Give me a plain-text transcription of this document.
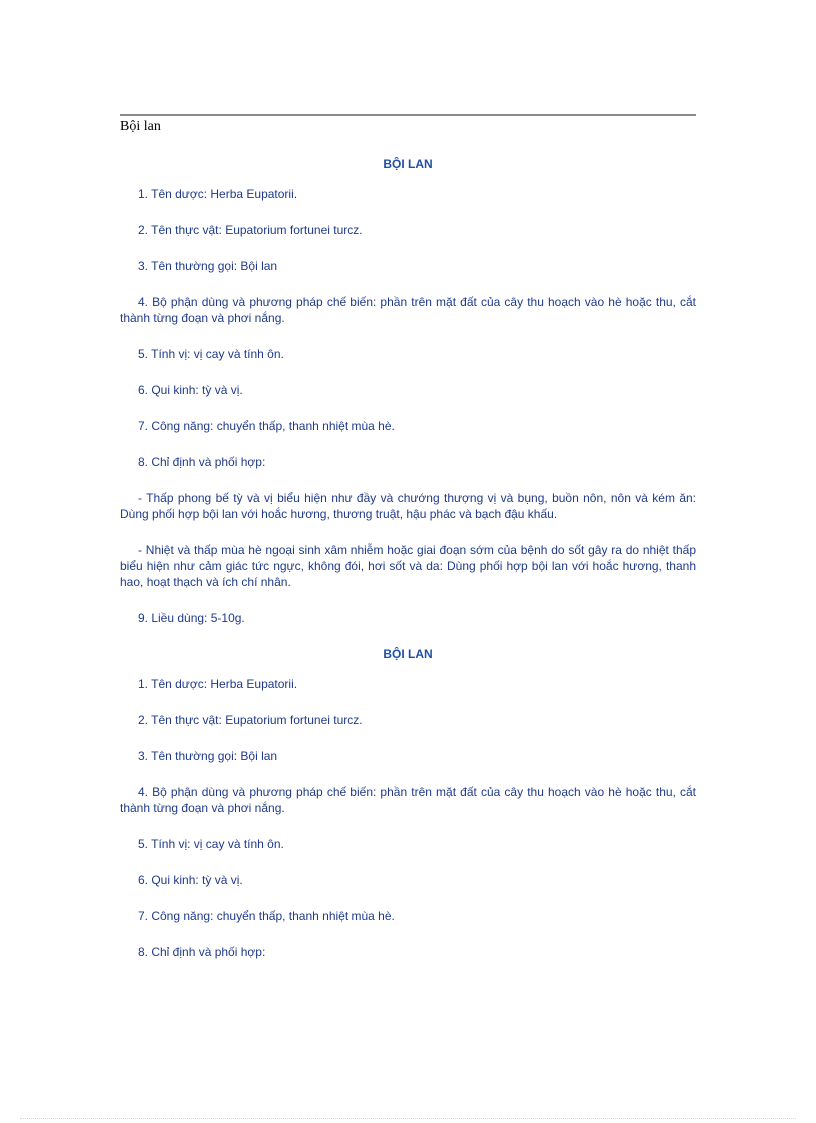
Bội lan
BỘI LAN

1. Tên dược: Herba Eupatorii.

2. Tên thực vật: Eupatorium fortunei turcz.

3. Tên thường gọi: Bội lan

4. Bộ phận dùng và phương pháp chế biến: phần trên mặt đất của cây thu hoạch vào hè hoặc thu, cắt thành từng đoạn và phơi nắng.

5. Tính vị: vị cay và tính ôn.

6. Qui kinh: tỳ và vị.

7. Công năng: chuyển thấp, thanh nhiệt mùa hè.

8. Chỉ định và phối hợp:

- Thấp phong bế tỳ và vị biểu hiện như đầy và chướng thượng vị và bụng, buồn nôn, nôn và kém ăn: Dùng phối hợp bội lan với hoắc hương, thương truật, hậu phác và bạch đậu khấu.

- Nhiệt và thấp mùa hè ngoại sinh xâm nhiễm hoặc giai đoạn sớm của bệnh do sốt gây ra do nhiệt thấp biểu hiện như cảm giác tức ngực, không đói, hơi sốt và da: Dùng phối hợp bội lan với hoắc hương, thanh hao, hoạt thạch và ích chí nhân.

9. Liều dùng: 5-10g.

BỘI LAN

1. Tên dược: Herba Eupatorii.

2. Tên thực vật: Eupatorium fortunei turcz.

3. Tên thường gọi: Bội lan

4. Bộ phận dùng và phương pháp chế biến: phần trên mặt đất của cây thu hoạch vào hè hoặc thu, cắt thành từng đoạn và phơi nắng.

5. Tính vị: vị cay và tính ôn.

6. Qui kinh: tỳ và vị.

7. Công năng: chuyển thấp, thanh nhiệt mùa hè.

8. Chỉ định và phối hợp:
